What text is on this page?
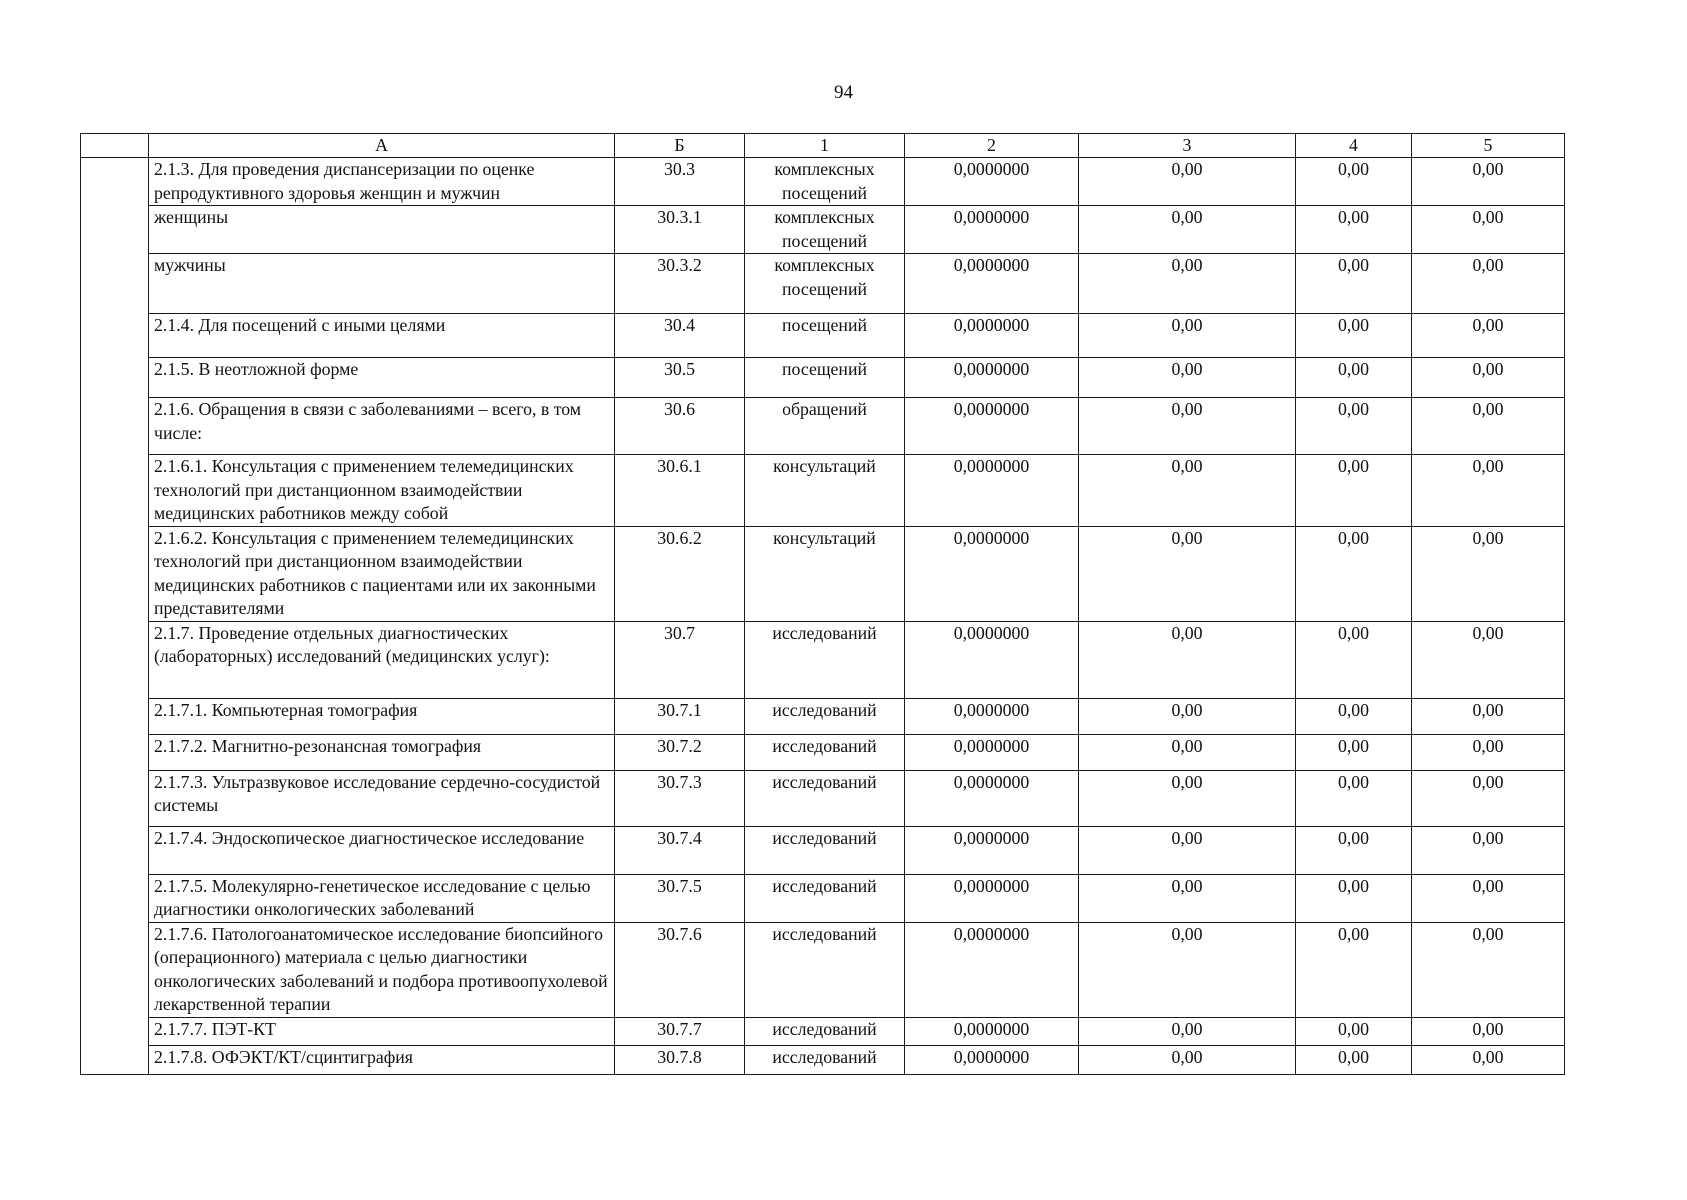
94
	А	Б	1	2	3	4	5
	2.1.3. Для проведения диспансеризации по оценке репродуктивного здоровья женщин и мужчин	30.3	комплексных посещений	0,0000000	0,00	0,00	0,00
	женщины	30.3.1	комплексных посещений	0,0000000	0,00	0,00	0,00
	мужчины	30.3.2	комплексных посещений	0,0000000	0,00	0,00	0,00
	2.1.4. Для посещений с иными целями	30.4	посещений	0,0000000	0,00	0,00	0,00
	2.1.5. В неотложной форме	30.5	посещений	0,0000000	0,00	0,00	0,00
	2.1.6. Обращения в связи с заболеваниями – всего, в том числе:	30.6	обращений	0,0000000	0,00	0,00	0,00
	2.1.6.1. Консультация с применением телемедицинских технологий при дистанционном взаимодействии медицинских работников между собой	30.6.1	консультаций	0,0000000	0,00	0,00	0,00
	2.1.6.2. Консультация с применением телемедицинских технологий при дистанционном взаимодействии медицинских работников с пациентами или их законными представителями	30.6.2	консультаций	0,0000000	0,00	0,00	0,00
	2.1.7. Проведение отдельных диагностических (лабораторных) исследований (медицинских услуг):	30.7	исследований	0,0000000	0,00	0,00	0,00
	2.1.7.1. Компьютерная томография	30.7.1	исследований	0,0000000	0,00	0,00	0,00
	2.1.7.2. Магнитно-резонансная томография	30.7.2	исследований	0,0000000	0,00	0,00	0,00
	2.1.7.3. Ультразвуковое исследование сердечно-сосудистой системы	30.7.3	исследований	0,0000000	0,00	0,00	0,00
	2.1.7.4. Эндоскопическое диагностическое исследование	30.7.4	исследований	0,0000000	0,00	0,00	0,00
	2.1.7.5. Молекулярно-генетическое исследование с целью диагностики онкологических заболеваний	30.7.5	исследований	0,0000000	0,00	0,00	0,00
	2.1.7.6. Патологоанатомическое исследование биопсийного (операционного) материала с целью диагностики онкологических заболеваний и подбора противоопухолевой лекарственной терапии	30.7.6	исследований	0,0000000	0,00	0,00	0,00
	2.1.7.7. ПЭТ-КТ	30.7.7	исследований	0,0000000	0,00	0,00	0,00
	2.1.7.8. ОФЭКТ/КТ/сцинтиграфия	30.7.8	исследований	0,0000000	0,00	0,00	0,00
